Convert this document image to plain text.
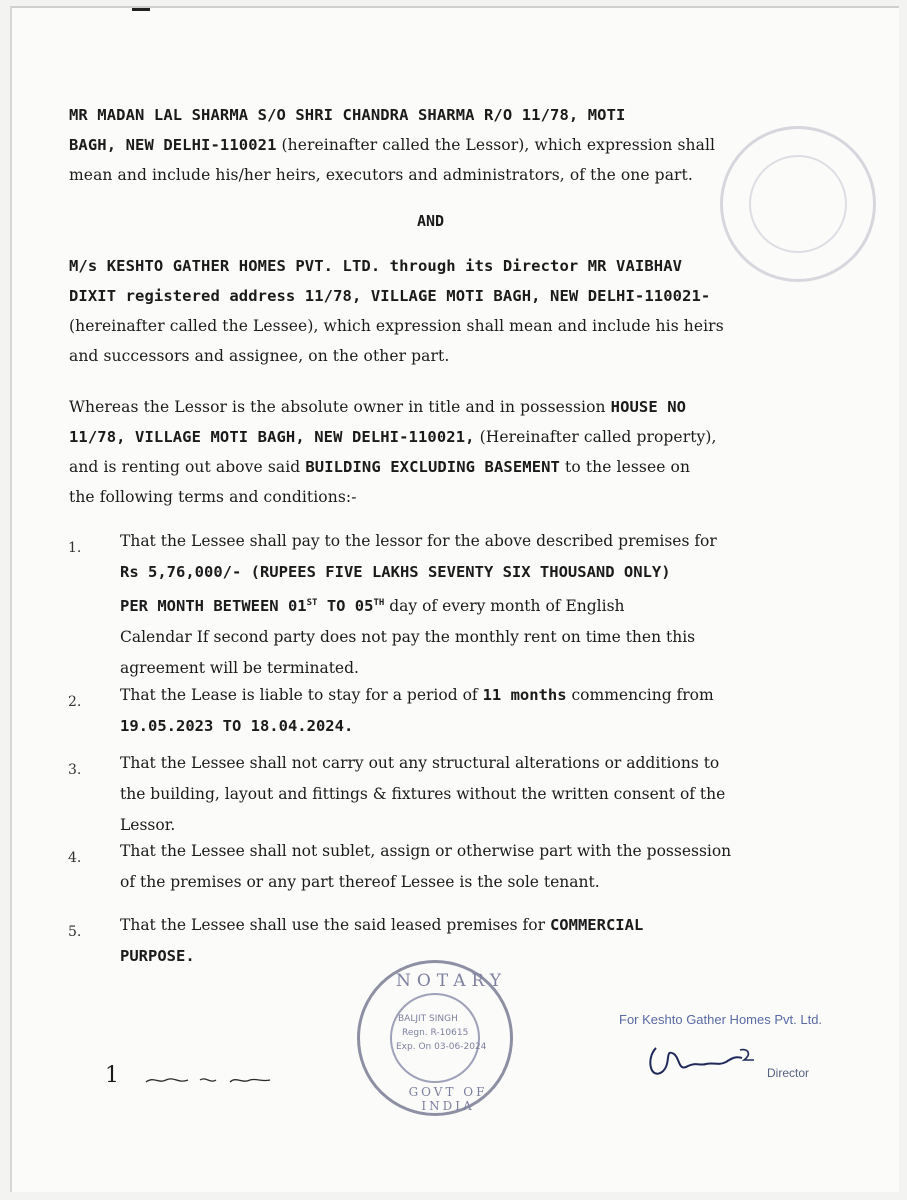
MR MADAN LAL SHARMA S/O SHRI CHANDRA SHARMA R/O 11/78, MOTI
BAGH, NEW DELHI-110021 (hereinafter called the Lessor), which expression shall
mean and include his/her heirs, executors and administrators, of the one part.
AND
M/s KESHTO GATHER HOMES PVT. LTD. through its Director MR VAIBHAV
DIXIT registered address 11/78, VILLAGE MOTI BAGH, NEW DELHI-110021-
(hereinafter called the Lessee), which expression shall mean and include his heirs
and successors and assignee, on the other part.
Whereas the Lessor is the absolute owner in title and in possession HOUSE NO
11/78, VILLAGE MOTI BAGH, NEW DELHI-110021, (Hereinafter called property),
and is renting out above said BUILDING EXCLUDING BASEMENT to the lessee on
the following terms and conditions:-
1. That the Lessee shall pay to the lessor for the above described premises for
Rs 5,76,000/- (RUPEES FIVE LAKHS SEVENTY SIX THOUSAND ONLY)
PER MONTH BETWEEN 01ST TO 05TH day of every month of English
Calendar If second party does not pay the monthly rent on time then this
agreement will be terminated.
2. That the Lease is liable to stay for a period of 11 months commencing from
19.05.2023 TO 18.04.2024.
3. That the Lessee shall not carry out any structural alterations or additions to
the building, layout and fittings & fixtures without the written consent of the
Lessor.
4. That the Lessee shall not sublet, assign or otherwise part with the possession
of the premises or any part thereof Lessee is the sole tenant.
5. That the Lessee shall use the said leased premises for COMMERCIAL
PURPOSE.
NOTARY
BALJIT SINGH
Regn. R-10615
Exp. On 03-06-2024
GOVT OF INDIA
For Keshto Gather Homes Pvt. Ltd.
Director
1
